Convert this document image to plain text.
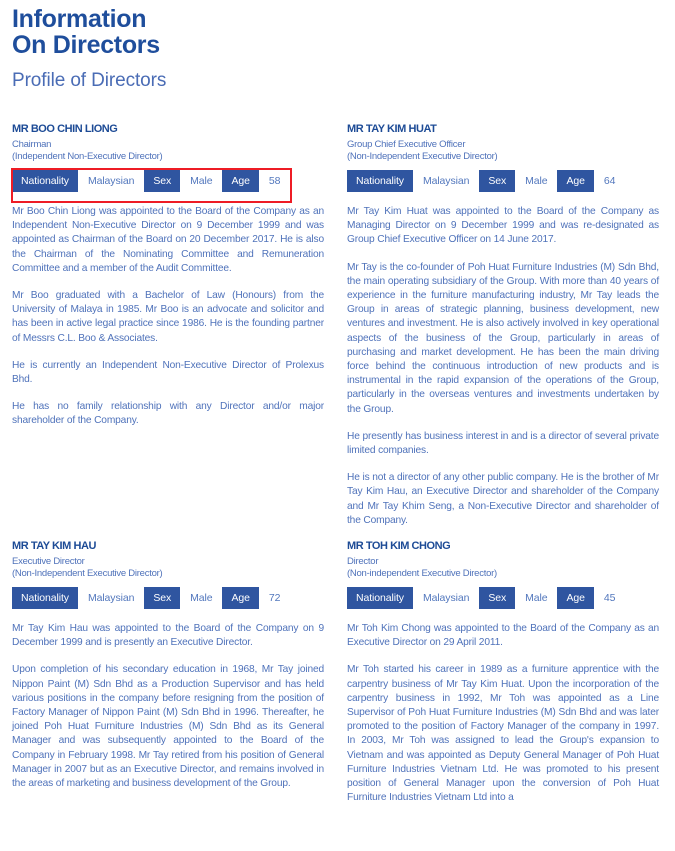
Information
On Directors
Profile of Directors

MR BOO CHIN LIONG

Chairman
(Independent Non-Executive Director)

Nationality	Malaysian	Sex	Male	Age	58

Mr Boo Chin Liong was appointed to the Board of the Company as an Independent Non-Executive Director on 9 December 1999 and was appointed as Chairman of the Board on 20 December 2017. He is also the Chairman of the Nominating Committee and Remuneration Committee and a member of the Audit Committee.

Mr Boo graduated with a Bachelor of Law (Honours) from the University of Malaya in 1985. Mr Boo is an advocate and solicitor and has been in active legal practice since 1986. He is the founding partner of Messrs C.L. Boo & Associates.

He is currently an Independent Non-Executive Director of Prolexus Bhd.

He has no family relationship with any Director and/or major shareholder of the Company.

MR TAY KIM HUAT

Group Chief Executive Officer
(Non-Independent Executive Director)

Nationality	Malaysian	Sex	Male	Age	64

Mr Tay Kim Huat was appointed to the Board of the Company as Managing Director on 9 December 1999 and was re-designated as Group Chief Executive Officer on 14 June 2017.

Mr Tay is the co-founder of Poh Huat Furniture Industries (M) Sdn Bhd, the main operating subsidiary of the Group. With more than 40 years of experience in the furniture manufacturing industry, Mr Tay leads the Group in areas of strategic planning, business development, new ventures and investment. He is also actively involved in key operational aspects of the business of the Group, particularly in areas of purchasing and market development. He has been the main driving force behind the continuous introduction of new products and is instrumental in the rapid expansion of the operations of the Group, particularly in the overseas ventures and investments undertaken by the Group.

He presently has business interest in and is a director of several private limited companies.

He is not a director of any other public company. He is the brother of Mr Tay Kim Hau, an Executive Director and shareholder of the Company and Mr Tay Khim Seng, a Non-Executive Director and shareholder of the Company.

MR TAY KIM HAU

Executive Director
(Non-Independent Executive Director)

Nationality	Malaysian	Sex	Male	Age	72

Mr Tay Kim Hau was appointed to the Board of the Company on 9 December 1999 and is presently an Executive Director.

Upon completion of his secondary education in 1968, Mr Tay joined Nippon Paint (M) Sdn Bhd as a Production Supervisor and has held various positions in the company before resigning from the position of Factory Manager of Nippon Paint (M) Sdn Bhd in 1996. Thereafter, he joined Poh Huat Furniture Industries (M) Sdn Bhd as its General Manager and was subsequently appointed to the Board of the Company in February 1998. Mr Tay retired from his position of General Manager in 2007 but as an Executive Director, and remains involved in the areas of marketing and business development of the Group.

MR TOH KIM CHONG

Director
(Non-independent Executive Director)

Nationality	Malaysian	Sex	Male	Age	45

Mr Toh Kim Chong was appointed to the Board of the Company as an Executive Director on 29 April 2011.

Mr Toh started his career in 1989 as a furniture apprentice with the carpentry business of Mr Tay Kim Huat. Upon the incorporation of the carpentry business in 1992, Mr Toh was appointed as a Line Supervisor of Poh Huat Furniture Industries (M) Sdn Bhd and was later promoted to the position of Factory Manager of the company in 1997. In 2003, Mr Toh was assigned to lead the Group's expansion to Vietnam and was appointed as Deputy General Manager of Poh Huat Furniture Industries Vietnam Ltd. He was promoted to his present position of General Manager upon the conversion of Poh Huat Furniture Industries Vietnam Ltd into a
